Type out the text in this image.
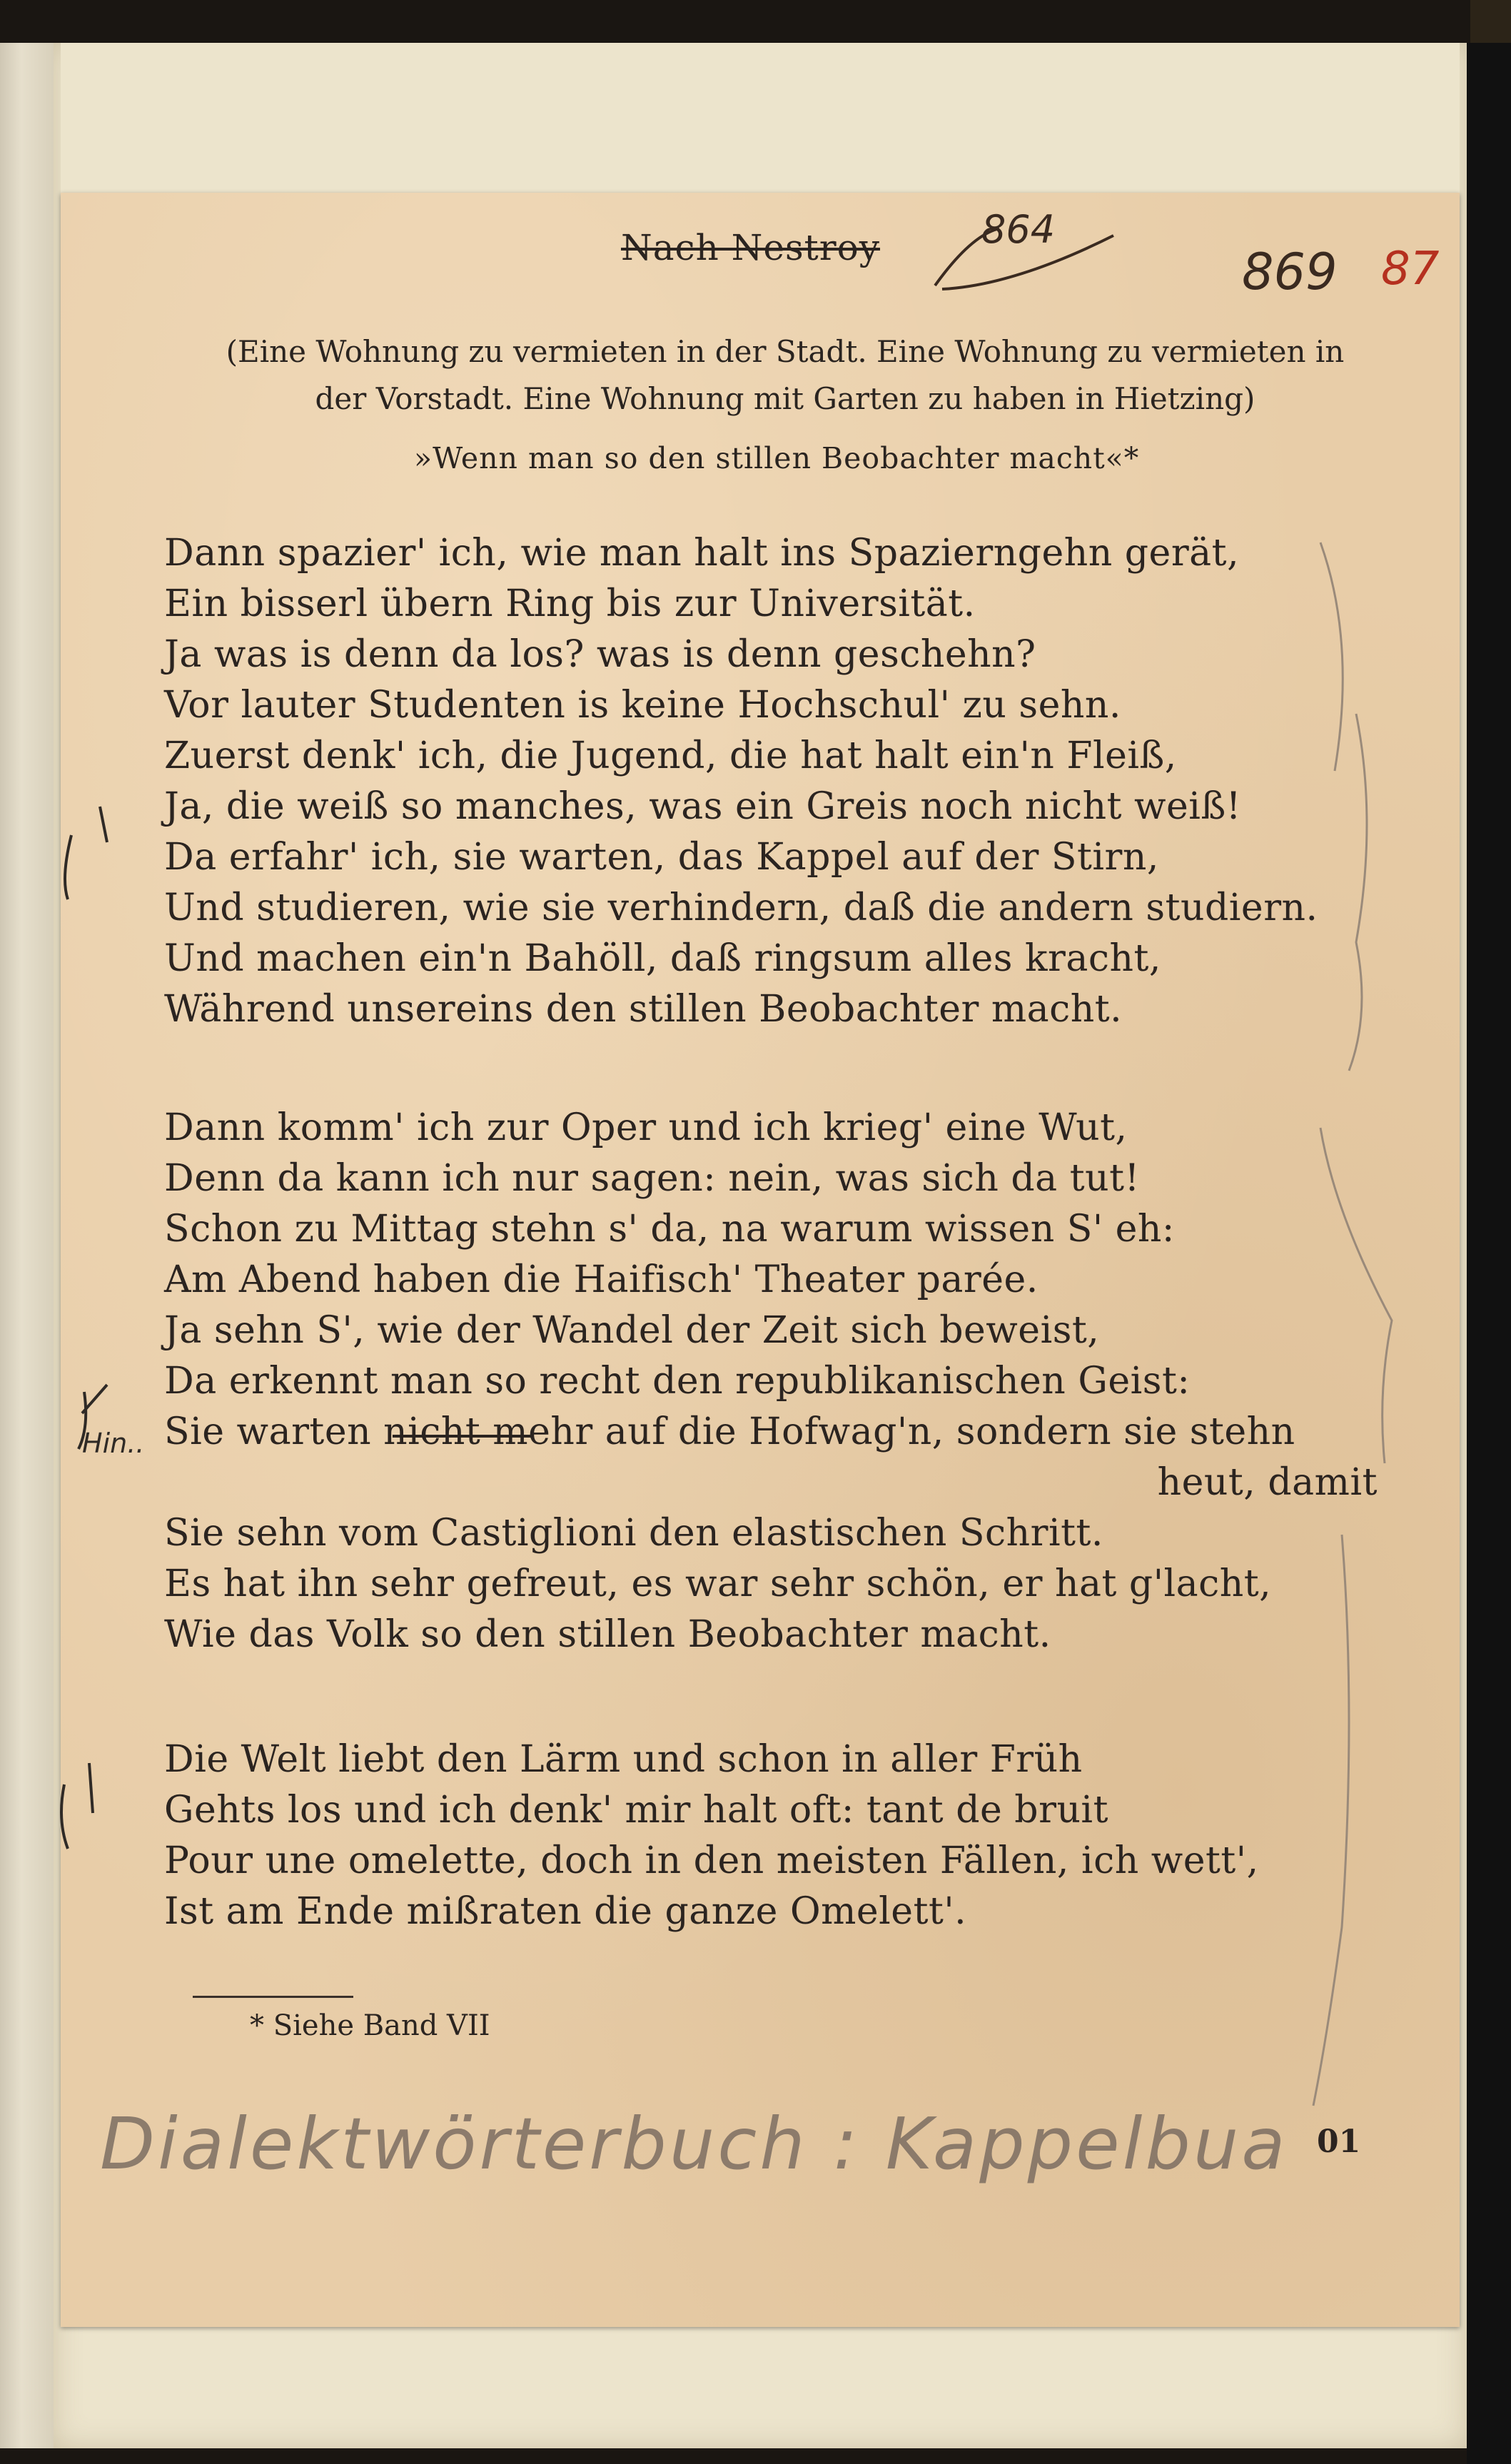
Nach Nestroy	864
869 87
(Eine Wohnung zu vermieten in der Stadt. Eine Wohnung zu vermieten in
der Vorstadt. Eine Wohnung mit Garten zu haben in Hietzing)
»Wenn man so den stillen Beobachter macht«*
Dann spazier' ich, wie man halt ins Spazierngehn gerät,
Ein bisserl übern Ring bis zur Universität.
Ja was is denn da los? was is denn geschehn?
Vor lauter Studenten is keine Hochschul' zu sehn.
Zuerst denk' ich, die Jugend, die hat halt ein'n Fleiß,
Ja, die weiß so manches, was ein Greis noch nicht weiß!
Da erfahr' ich, sie warten, das Kappel auf der Stirn,
Und studieren, wie sie verhindern, daß die andern studiern.
Und machen ein'n Bahöll, daß ringsum alles kracht,
Während unsereins den stillen Beobachter macht.
Dann komm' ich zur Oper und ich krieg' eine Wut,
Denn da kann ich nur sagen: nein, was sich da tut!
Schon zu Mittag stehn s' da, na warum wissen S' eh:
Am Abend haben die Haifisch' Theater parée.
Ja sehn S', wie der Wandel der Zeit sich beweist,
Da erkennt man so recht den republikanischen Geist:
Sie warten nicht mehr auf die Hofwag'n, sondern sie stehn
heut, damit
Sie sehn vom Castiglioni den elastischen Schritt.
Es hat ihn sehr gefreut, es war sehr schön, er hat g'lacht,
Wie das Volk so den stillen Beobachter macht.
Die Welt liebt den Lärm und schon in aller Früh
Gehts los und ich denk' mir halt oft: tant de bruit
Pour une omelette, doch in den meisten Fällen, ich wett',
Ist am Ende mißraten die ganze Omelett'.
* Siehe Band VII
01
Hin..
Dialektwörterbuch : Kappelbua
